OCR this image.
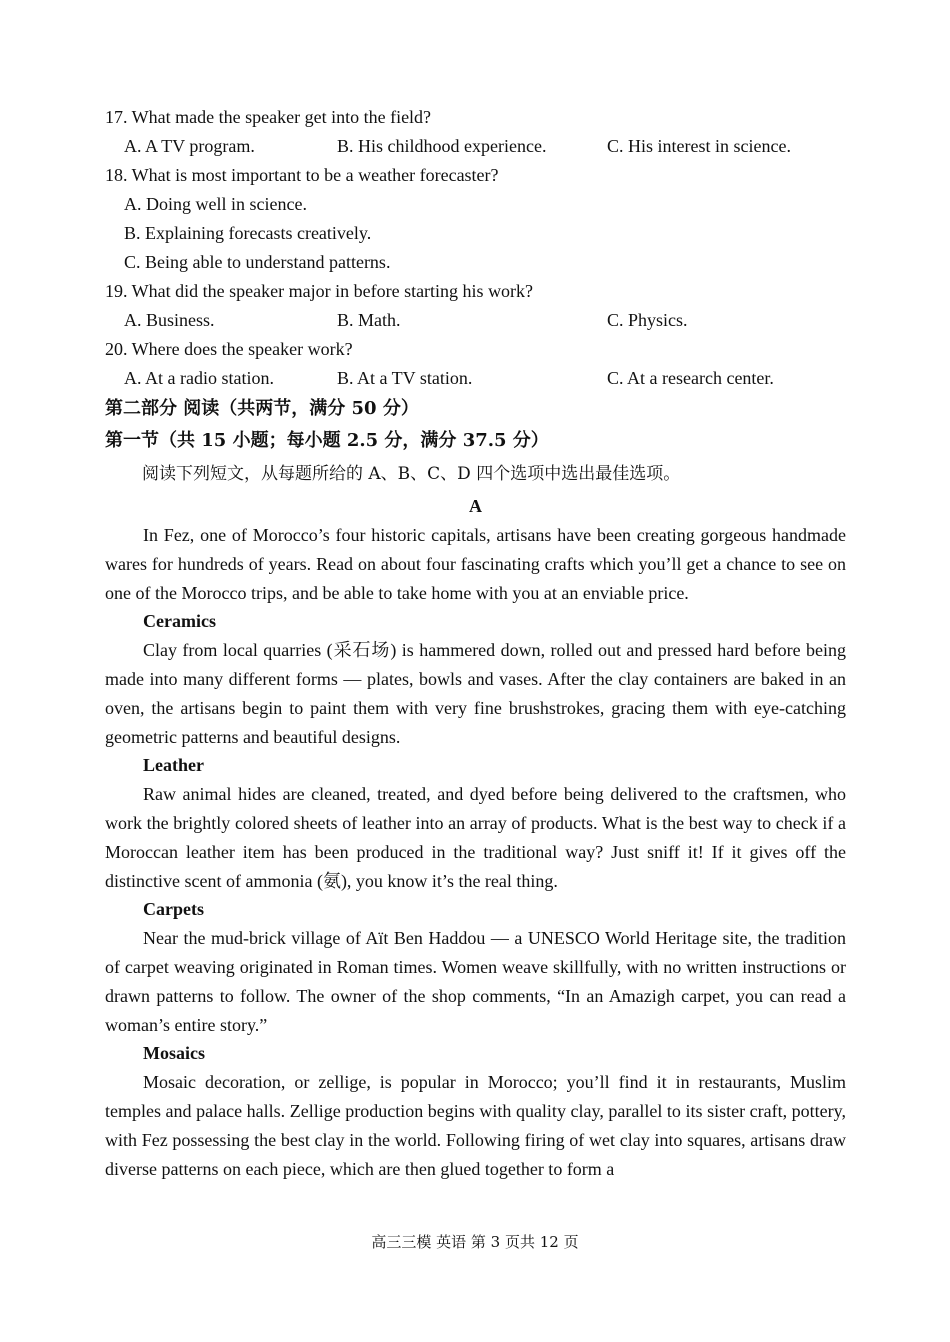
17. What made the speaker get into the field?
A. A TV program.	B. His childhood experience.	C. His interest in science.
18. What is most important to be a weather forecaster?
A. Doing well in science.
B. Explaining forecasts creatively.
C. Being able to understand patterns.
19. What did the speaker major in before starting his work?
A. Business.	B. Math.	C. Physics.
20. Where does the speaker work?
A. At a radio station.	B. At a TV station.	C. At a research center.
第二部分 阅读（共两节，满分 50 分）
第一节（共 15 小题；每小题 2.5 分，满分 37.5 分）
阅读下列短文，从每题所给的 A、B、C、D 四个选项中选出最佳选项。
A

In Fez, one of Morocco’s four historic capitals, artisans have been creating gorgeous handmade wares for hundreds of years. Read on about four fascinating crafts which you’ll get a chance to see on one of the Morocco trips, and be able to take home with you at an enviable price.

Ceramics

Clay from local quarries (采石场) is hammered down, rolled out and pressed hard before being made into many different forms — plates, bowls and vases. After the clay containers are baked in an oven, the artisans begin to paint them with very fine brushstrokes, gracing them with eye-catching geometric patterns and beautiful designs.

Leather

Raw animal hides are cleaned, treated, and dyed before being delivered to the craftsmen, who work the brightly colored sheets of leather into an array of products. What is the best way to check if a Moroccan leather item has been produced in the traditional way? Just sniff it! If it gives off the distinctive scent of ammonia (氨), you know it’s the real thing.

Carpets

Near the mud-brick village of Aït Ben Haddou — a UNESCO World Heritage site, the tradition of carpet weaving originated in Roman times. Women weave skillfully, with no written instructions or drawn patterns to follow. The owner of the shop comments, “In an Amazigh carpet, you can read a woman’s entire story.”

Mosaics

Mosaic decoration, or zellige, is popular in Morocco; you’ll find it in restaurants, Muslim temples and palace halls. Zellige production begins with quality clay, parallel to its sister craft, pottery, with Fez possessing the best clay in the world. Following firing of wet clay into squares, artisans draw diverse patterns on each piece, which are then glued together to form a

高三三模 英语 第 3 页共 12 页
